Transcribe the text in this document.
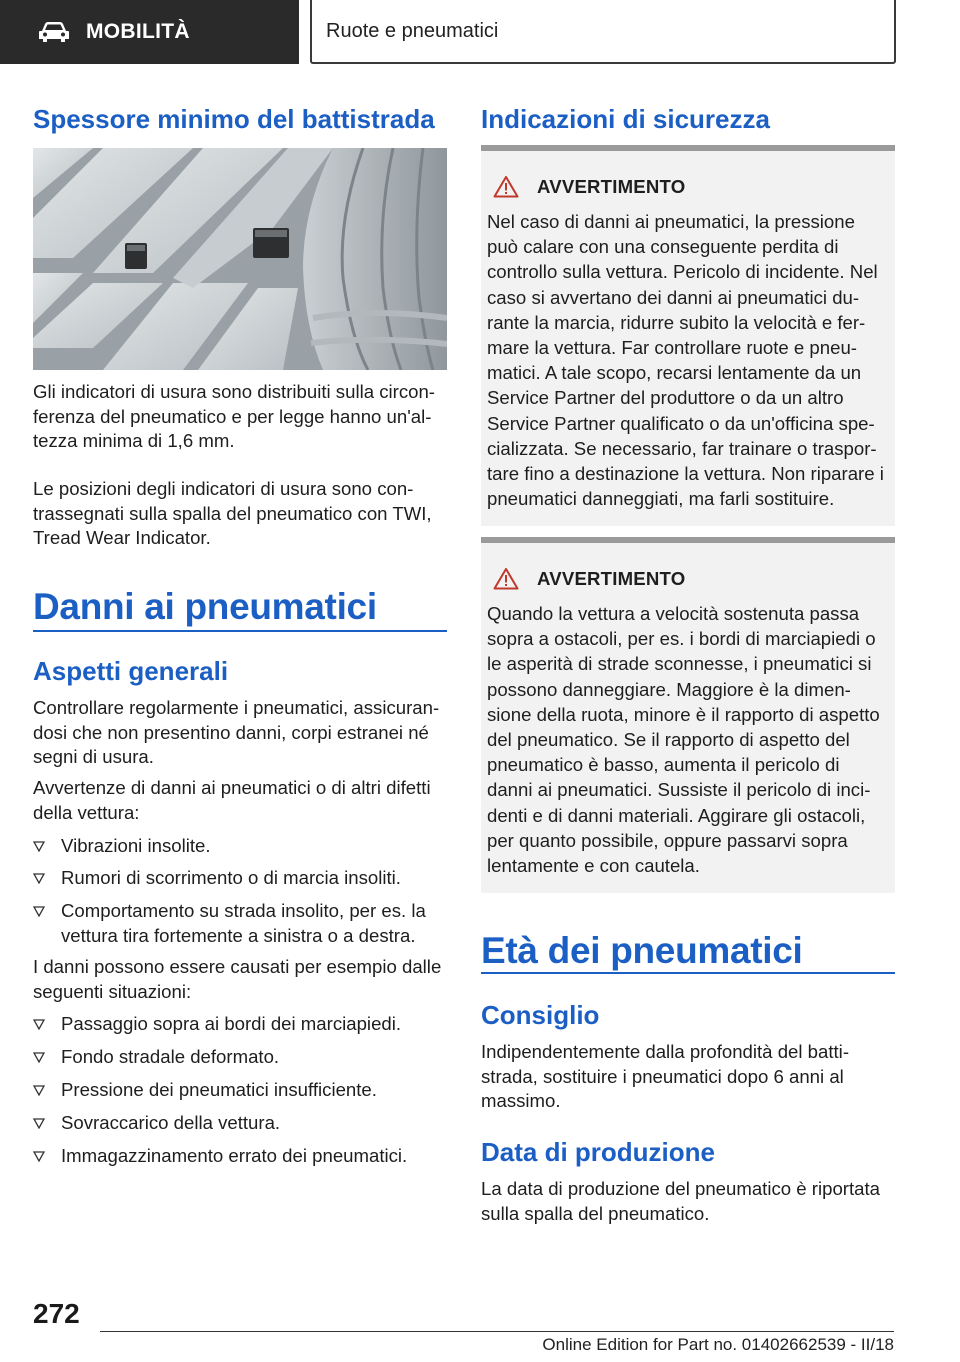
MOBILITÀ	Ruote e pneumatici
Spessore minimo del battistrada

Gli indicatori di usura sono distribuiti sulla circon-ferenza del pneumatico e per legge hanno un'al-tezza minima di 1,6 mm.

Le posizioni degli indicatori di usura sono con-trassegnati sulla spalla del pneumatico con TWI, Tread Wear Indicator.

Danni ai pneumatici
Aspetti generali

Controllare regolarmente i pneumatici, assicuran-dosi che non presentino danni, corpi estranei né segni di usura.

Avvertenze di danni ai pneumatici o di altri difetti della vettura:

Vibrazioni insolite.
Rumori di scorrimento o di marcia insoliti.
Comportamento su strada insolito, per es. la vettura tira fortemente a sinistra o a destra.

I danni possono essere causati per esempio dalle seguenti situazioni:

Passaggio sopra ai bordi dei marciapiedi.
Fondo stradale deformato.
Pressione dei pneumatici insufficiente.
Sovraccarico della vettura.
Immagazzinamento errato dei pneumatici.
Indicazioni di sicurezza
AVVERTIMENTO

Nel caso di danni ai pneumatici, la pressione può calare con una conseguente perdita di controllo sulla vettura. Pericolo di incidente. Nel caso si avvertano dei danni ai pneumatici du-rante la marcia, ridurre subito la velocità e fer-mare la vettura. Far controllare ruote e pneu-matici. A tale scopo, recarsi lentamente da un Service Partner del produttore o da un altro Service Partner qualificato o da un'officina spe-cializzata. Se necessario, far trainare o traspor-tare fino a destinazione la vettura. Non riparare i pneumatici danneggiati, ma farli sostituire.

AVVERTIMENTO

Quando la vettura a velocità sostenuta passa sopra a ostacoli, per es. i bordi di marciapiedi o le asperità di strade sconnesse, i pneumatici si possono danneggiare. Maggiore è la dimen-sione della ruota, minore è il rapporto di aspetto del pneumatico. Se il rapporto di aspetto del pneumatico è basso, aumenta il pericolo di danni ai pneumatici. Sussiste il pericolo di inci-denti e di danni materiali. Aggirare gli ostacoli, per quanto possibile, oppure passarvi sopra lentamente e con cautela.

Età dei pneumatici
Consiglio

Indipendentemente dalla profondità del batti-strada, sostituire i pneumatici dopo 6 anni al massimo.

Data di produzione

La data di produzione del pneumatico è riportata sulla spalla del pneumatico.

272
Online Edition for Part no. 01402662539 - II/18
